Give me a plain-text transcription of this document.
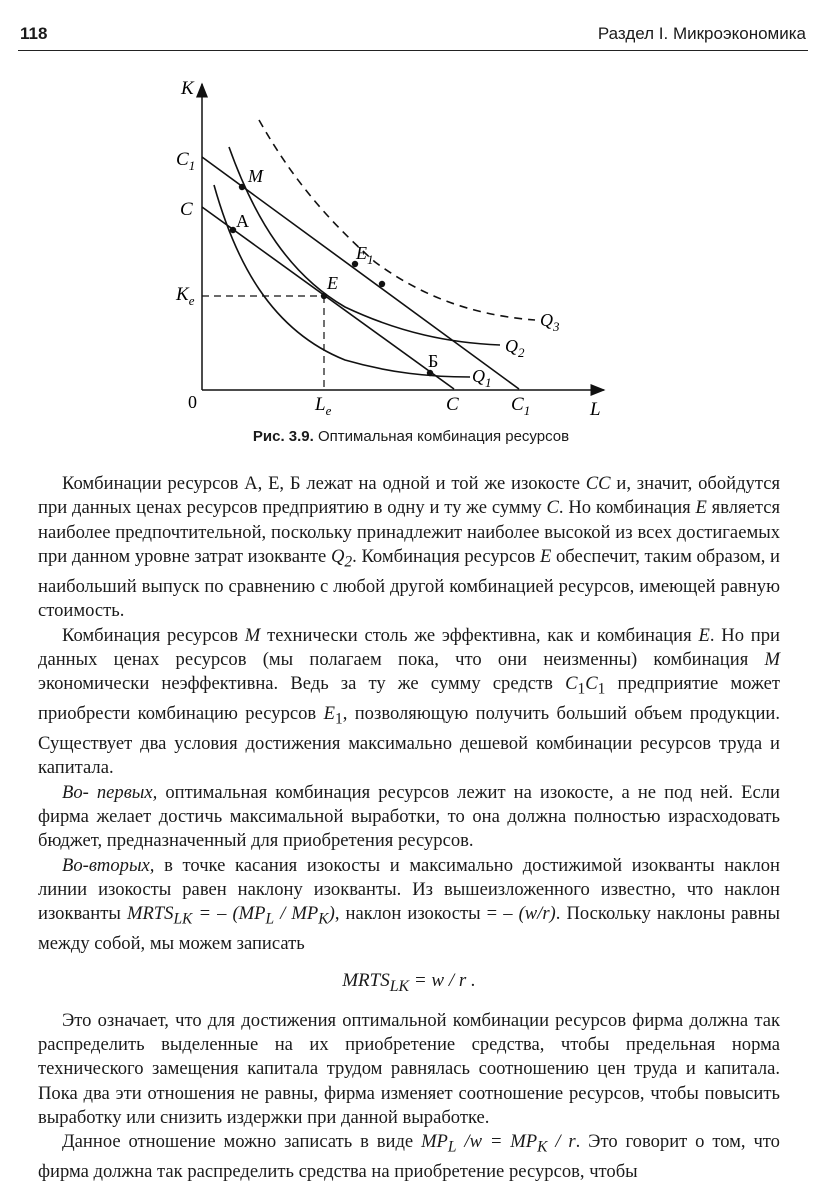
118	Раздел I. Микроэкономика
K
L
0
$C_1$
C
$K_e$
$L_e$	C	$C_1$
M
A
E
$E_1$
Б
$Q_1$
$Q_2$
$Q_3$
Рис. 3.9. Оптимальная комбинация ресурсов

Комбинации ресурсов А, Е, Б лежат на одной и той же изокосте CC и, значит, обойдутся при данных ценах ресурсов предприятию в одну и ту же сумму C. Но комбинация E является наиболее предпочтительной, поскольку принадлежит наиболее высокой из всех достигаемых при данном уровне затрат изокванте $Q_2$. Комбинация ресурсов E обеспечит, таким образом, и наибольший выпуск по сравнению с любой другой комбинацией ресурсов, имеющей равную стоимость.

Комбинация ресурсов M технически столь же эффективна, как и комбинация E. Но при данных ценах ресурсов (мы полагаем пока, что они неизменны) комбинация M экономически неэффективна. Ведь за ту же сумму средств $C_1C_1$ предприятие может приобрести комбинацию ресурсов $E_1$, позволяющую получить больший объем продукции. Существует два условия достижения максимально дешевой комбинации ресурсов труда и капитала.

Во- первых, оптимальная комбинация ресурсов лежит на изокосте, а не под ней. Если фирма желает достичь максимальной выработки, то она должна полностью израсходовать бюджет, предназначенный для приобретения ресурсов.

Во-вторых, в точке касания изокосты и максимально достижимой изокванты наклон линии изокосты равен наклону изокванты. Из вышеизложенного известно, что наклон изокванты $MRTS_{LK}$ = – $(MP_L / MP_K)$, наклон изокосты = – (w/r). Поскольку наклоны равны между собой, мы можем записать

$MRTS_{LK} = w / r$ .

Это означает, что для достижения оптимальной комбинации ресурсов фирма должна так распределить выделенные на их приобретение средства, чтобы предельная норма технического замещения капитала трудом равнялась соотношению цен труда и капитала. Пока два эти отношения не равны, фирма изменяет соотношение ресурсов, чтобы повысить выработку или снизить издержки при данной выработке.

Данное отношение можно записать в виде $MP_L$ $/w = MP_K / r$. Это говорит о том, что фирма должна так распределить средства на приобретение ресурсов, чтобы
